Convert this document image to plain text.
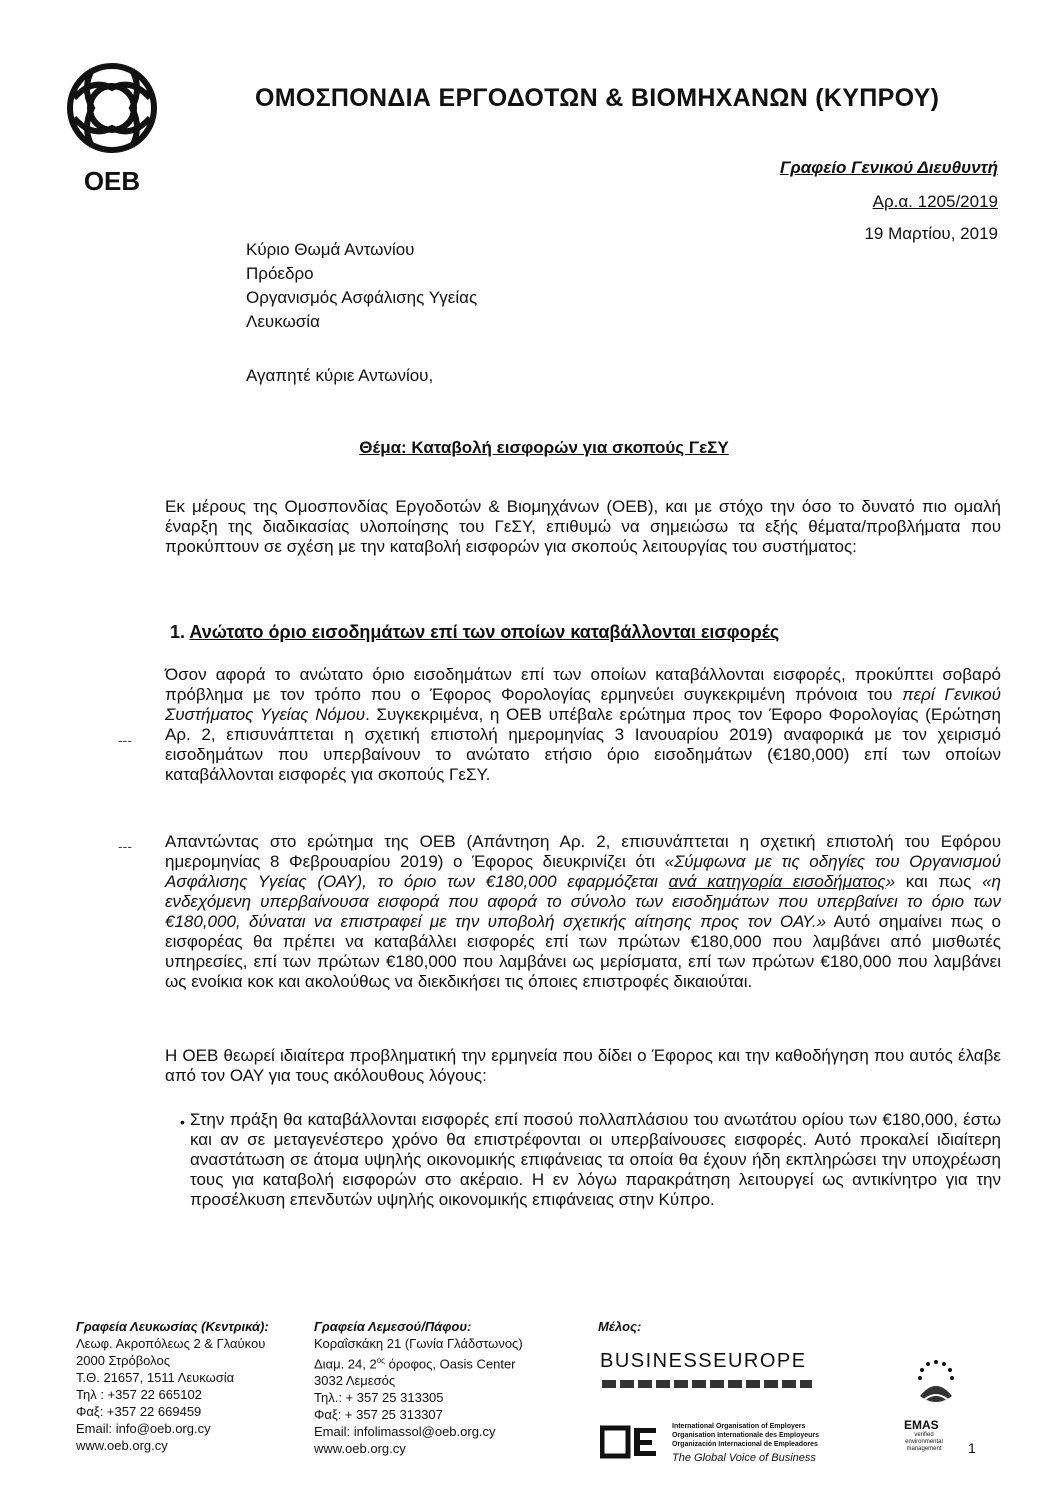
OEB
ΟΜΟΣΠΟΝΔΙΑ ΕΡΓΟΔΟΤΩΝ & ΒΙΟΜΗΧΑΝΩΝ (ΚΥΠΡΟΥ)
Γραφείο Γενικού Διευθυντή
Αρ.α. 1205/2019
19 Μαρτίου, 2019
Κύριο Θωμά Αντωνίου
Πρόεδρο
Οργανισμός Ασφάλισης Υγείας
Λευκωσία
Αγαπητέ κύριε Αντωνίου,
Θέμα: Καταβολή εισφορών για σκοπούς ΓεΣΥ
Εκ μέρους της Ομοσπονδίας Εργοδοτών & Βιομηχάνων (ΟΕΒ), και με στόχο την όσο το δυνατό πιο ομαλή έναρξη της διαδικασίας υλοποίησης του ΓεΣΥ, επιθυμώ να σημειώσω τα εξής θέματα/προβλήματα που προκύπτουν σε σχέση με την καταβολή εισφορών για σκοπούς λειτουργίας του συστήματος:
1. Ανώτατο όριο εισοδημάτων επί των οποίων καταβάλλονται εισφορές
---
Όσον αφορά το ανώτατο όριο εισοδημάτων επί των οποίων καταβάλλονται εισφορές, προκύπτει σοβαρό πρόβλημα με τον τρόπο που ο Έφορος Φορολογίας ερμηνεύει συγκεκριμένη πρόνοια του περί Γενικού Συστήματος Υγείας Νόμου. Συγκεκριμένα, η ΟΕΒ υπέβαλε ερώτημα προς τον Έφορο Φορολογίας (Ερώτηση Αρ. 2, επισυνάπτεται η σχετική επιστολή ημερομηνίας 3 Ιανουαρίου 2019) αναφορικά με τον χειρισμό εισοδημάτων που υπερβαίνουν το ανώτατο ετήσιο όριο εισοδημάτων (€180,000) επί των οποίων καταβάλλονται εισφορές για σκοπούς ΓεΣΥ.
--- Απαντώντας στο ερώτημα της ΟΕΒ (Απάντηση Αρ. 2, επισυνάπτεται η σχετική επιστολή του Εφόρου ημερομηνίας 8 Φεβρουαρίου 2019) ο Έφορος διευκρινίζει ότι «Σύμφωνα με τις οδηγίες του Οργανισμού Ασφάλισης Υγείας (ΟΑΥ), το όριο των €180,000 εφαρμόζεται ανά κατηγορία εισοδήματος» και πως «η ενδεχόμενη υπερβαίνουσα εισφορά που αφορά το σύνολο των εισοδημάτων που υπερβαίνει το όριο των €180,000, δύναται να επιστραφεί με την υποβολή σχετικής αίτησης προς τον ΟΑΥ.» Αυτό σημαίνει πως ο εισφορέας θα πρέπει να καταβάλλει εισφορές επί των πρώτων €180,000 που λαμβάνει από μισθωτές υπηρεσίες, επί των πρώτων €180,000 που λαμβάνει ως μερίσματα, επί των πρώτων €180,000 που λαμβάνει ως ενοίκια κοκ και ακολούθως να διεκδικήσει τις όποιες επιστροφές δικαιούται.
Η ΟΕΒ θεωρεί ιδιαίτερα προβληματική την ερμηνεία που δίδει ο Έφορος και την καθοδήγηση που αυτός έλαβε από τον ΟΑΥ για τους ακόλουθους λόγους:
• Στην πράξη θα καταβάλλονται εισφορές επί ποσού πολλαπλάσιου του ανωτάτου ορίου των €180,000, έστω και αν σε μεταγενέστερο χρόνο θα επιστρέφονται οι υπερβαίνουσες εισφορές. Αυτό προκαλεί ιδιαίτερη αναστάτωση σε άτομα υψηλής οικονομικής επιφάνειας τα οποία θα έχουν ήδη εκπληρώσει την υποχρέωση τους για καταβολή εισφορών στο ακέραιο. Η εν λόγω παρακράτηση λειτουργεί ως αντικίνητρο για την προσέλκυση επενδυτών υψηλής οικονομικής επιφάνειας στην Κύπρο.
Γραφεία Λευκωσίας (Κεντρικά):
Λεωφ. Ακροπόλεως 2 & Γλαύκου
2000 Στρόβολος
Τ.Θ. 21657, 1511 Λευκωσία
Τηλ : +357 22 665102
Φαξ: +357 22 669459
Email: info@oeb.org.cy
www.oeb.org.cy
Γραφεία Λεμεσού/Πάφου:
Κοραΐσκάκη 21 (Γωνία Γλάδστωνος)
Διαμ. 24, $2^{o\varsigma}$ όροφος, Oasis Center
3032 Λεμεσός
Τηλ.: + 357 25 313305
Φαξ: + 357 25 313307
Email: infolimassol@oeb.org.cy
www.oeb.org.cy
Μέλος:
BUSINESSEUROPE
International Organisation of Employers
Organisation Internationale des Employeurs
Organización Internacional de Empleadores
The Global Voice of Business
EMAS
verified
environmental
management 1
